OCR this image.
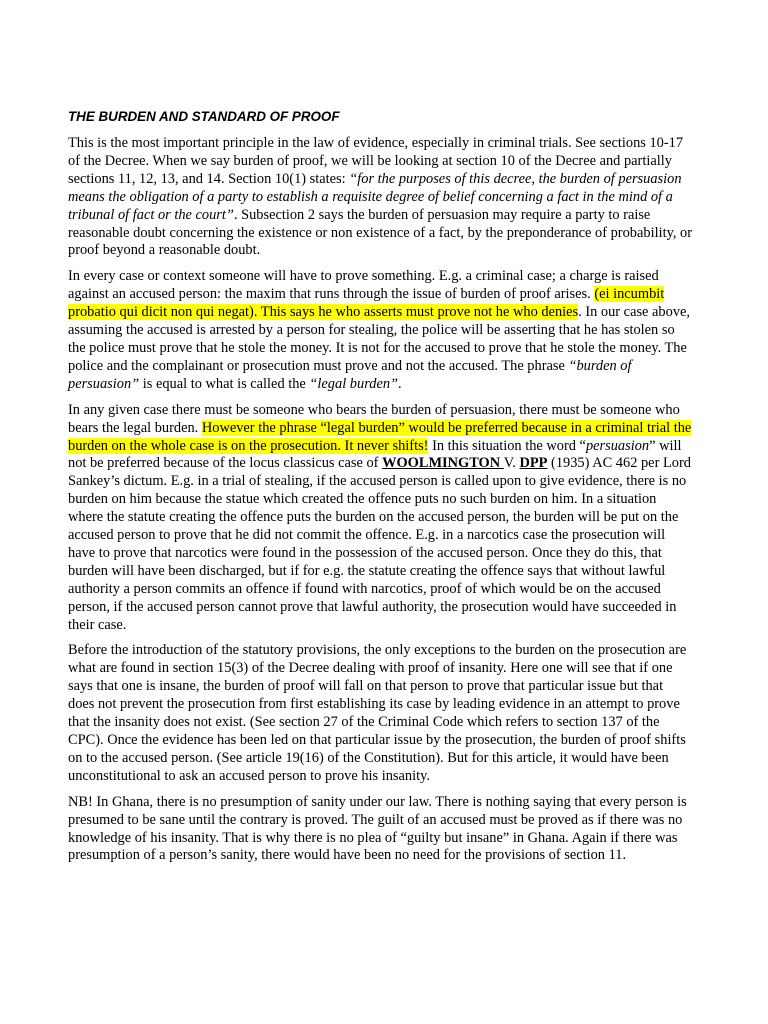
THE BURDEN AND STANDARD OF PROOF

This is the most important principle in the law of evidence, especially in criminal trials. See sections 10-17 of the Decree. When we say burden of proof, we will be looking at section 10 of the Decree and partially sections 11, 12, 13, and 14. Section 10(1) states: “for the purposes of this decree, the burden of persuasion means the obligation of a party to establish a requisite degree of belief concerning a fact in the mind of a tribunal of fact or the court”. Subsection 2 says the burden of persuasion may require a party to raise reasonable doubt concerning the existence or non existence of a fact, by the preponderance of probability, or proof beyond a reasonable doubt.

In every case or context someone will have to prove something. E.g. a criminal case; a charge is raised against an accused person: the maxim that runs through the issue of burden of proof arises. (ei incumbit probatio qui dicit non qui negat). This says he who asserts must prove not he who denies. In our case above, assuming the accused is arrested by a person for stealing, the police will be asserting that he has stolen so the police must prove that he stole the money. It is not for the accused to prove that he stole the money. The police and the complainant or prosecution must prove and not the accused. The phrase “burden of persuasion” is equal to what is called the “legal burden”.

In any given case there must be someone who bears the burden of persuasion, there must be someone who bears the legal burden. However the phrase “legal burden” would be preferred because in a criminal trial the burden on the whole case is on the prosecution. It never shifts! In this situation the word “persuasion” will not be preferred because of the locus classicus case of WOOLMINGTON V. DPP (1935) AC 462 per Lord Sankey’s dictum. E.g. in a trial of stealing, if the accused person is called upon to give evidence, there is no burden on him because the statue which created the offence puts no such burden on him. In a situation where the statute creating the offence puts the burden on the accused person, the burden will be put on the accused person to prove that he did not commit the offence. E.g. in a narcotics case the prosecution will have to prove that narcotics were found in the possession of the accused person. Once they do this, that burden will have been discharged, but if for e.g. the statute creating the offence says that without lawful authority a person commits an offence if found with narcotics, proof of which would be on the accused person, if the accused person cannot prove that lawful authority, the prosecution would have succeeded in their case.

Before the introduction of the statutory provisions, the only exceptions to the burden on the prosecution are what are found in section 15(3) of the Decree dealing with proof of insanity. Here one will see that if one says that one is insane, the burden of proof will fall on that person to prove that particular issue but that does not prevent the prosecution from first establishing its case by leading evidence in an attempt to prove that the insanity does not exist. (See section 27 of the Criminal Code which refers to section 137 of the CPC). Once the evidence has been led on that particular issue by the prosecution, the burden of proof shifts on to the accused person. (See article 19(16) of the Constitution). But for this article, it would have been unconstitutional to ask an accused person to prove his insanity.

NB! In Ghana, there is no presumption of sanity under our law. There is nothing saying that every person is presumed to be sane until the contrary is proved. The guilt of an accused must be proved as if there was no knowledge of his insanity. That is why there is no plea of “guilty but insane” in Ghana. Again if there was presumption of a person’s sanity, there would have been no need for the provisions of section 11.
